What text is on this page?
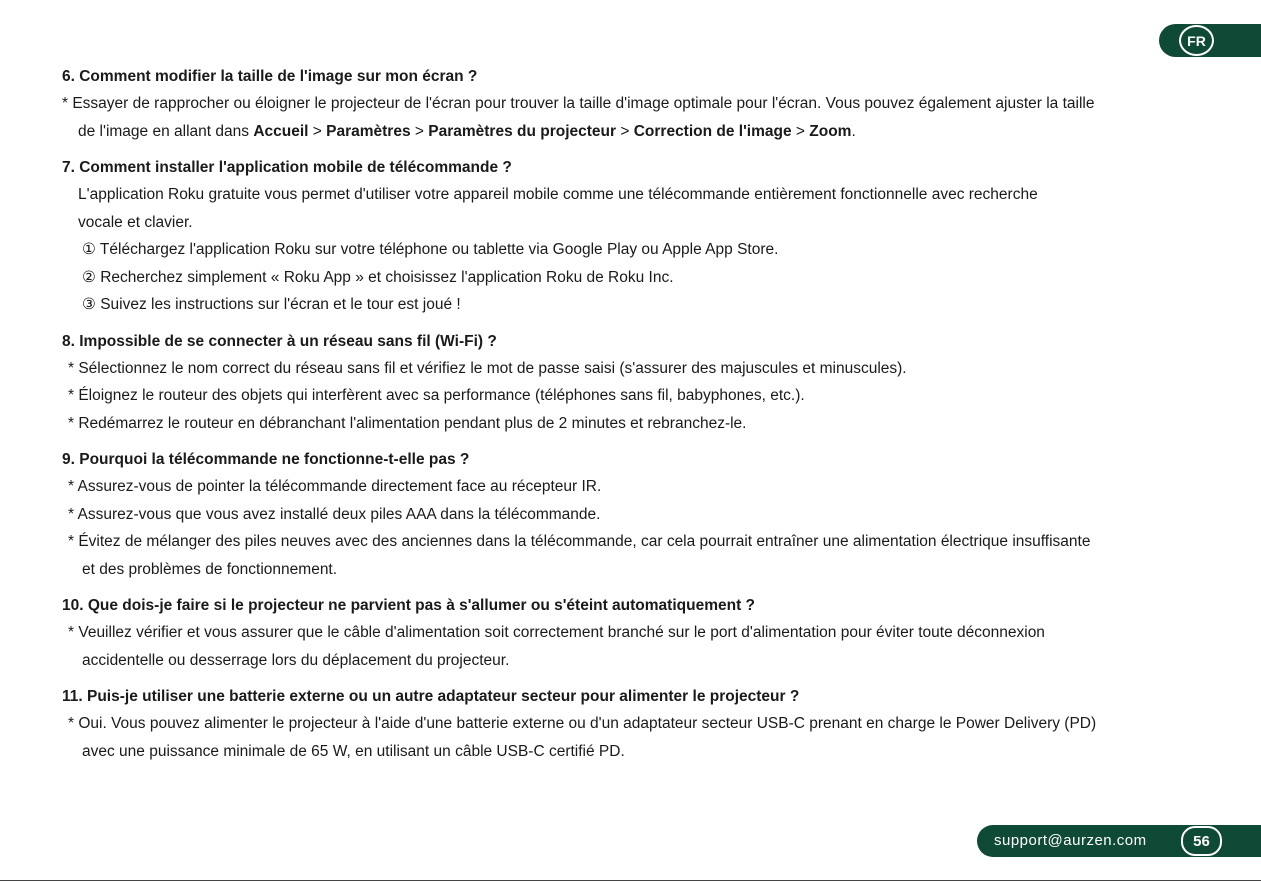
FR

6. Comment modifier la taille de l'image sur mon écran ?

* Essayer de rapprocher ou éloigner le projecteur de l'écran pour trouver la taille d'image optimale pour l'écran. Vous pouvez également ajuster la taille

de l'image en allant dans Accueil > Paramètres > Paramètres du projecteur > Correction de l'image > Zoom.

7. Comment installer l'application mobile de télécommande ?

L'application Roku gratuite vous permet d'utiliser votre appareil mobile comme une télécommande entièrement fonctionnelle avec recherche

vocale et clavier.

① Téléchargez l'application Roku sur votre téléphone ou tablette via Google Play ou Apple App Store.

② Recherchez simplement « Roku App » et choisissez l'application Roku de Roku Inc.

③ Suivez les instructions sur l'écran et le tour est joué !

8. Impossible de se connecter à un réseau sans fil (Wi-Fi) ?

* Sélectionnez le nom correct du réseau sans fil et vérifiez le mot de passe saisi (s'assurer des majuscules et minuscules).

* Éloignez le routeur des objets qui interfèrent avec sa performance (téléphones sans fil, babyphones, etc.).

* Redémarrez le routeur en débranchant l'alimentation pendant plus de 2 minutes et rebranchez-le.

9. Pourquoi la télécommande ne fonctionne-t-elle pas ?

* Assurez-vous de pointer la télécommande directement face au récepteur IR.

* Assurez-vous que vous avez installé deux piles AAA dans la télécommande.

* Évitez de mélanger des piles neuves avec des anciennes dans la télécommande, car cela pourrait entraîner une alimentation électrique insuffisante

et des problèmes de fonctionnement.

10. Que dois-je faire si le projecteur ne parvient pas à s'allumer ou s'éteint automatiquement ?

* Veuillez vérifier et vous assurer que le câble d'alimentation soit correctement branché sur le port d'alimentation pour éviter toute déconnexion

accidentelle ou desserrage lors du déplacement du projecteur.

11. Puis-je utiliser une batterie externe ou un autre adaptateur secteur pour alimenter le projecteur ?

* Oui. Vous pouvez alimenter le projecteur à l'aide d'une batterie externe ou d'un adaptateur secteur USB-C prenant en charge le Power Delivery (PD)

avec une puissance minimale de 65 W, en utilisant un câble USB-C certifié PD.

support@aurzen.com	56
